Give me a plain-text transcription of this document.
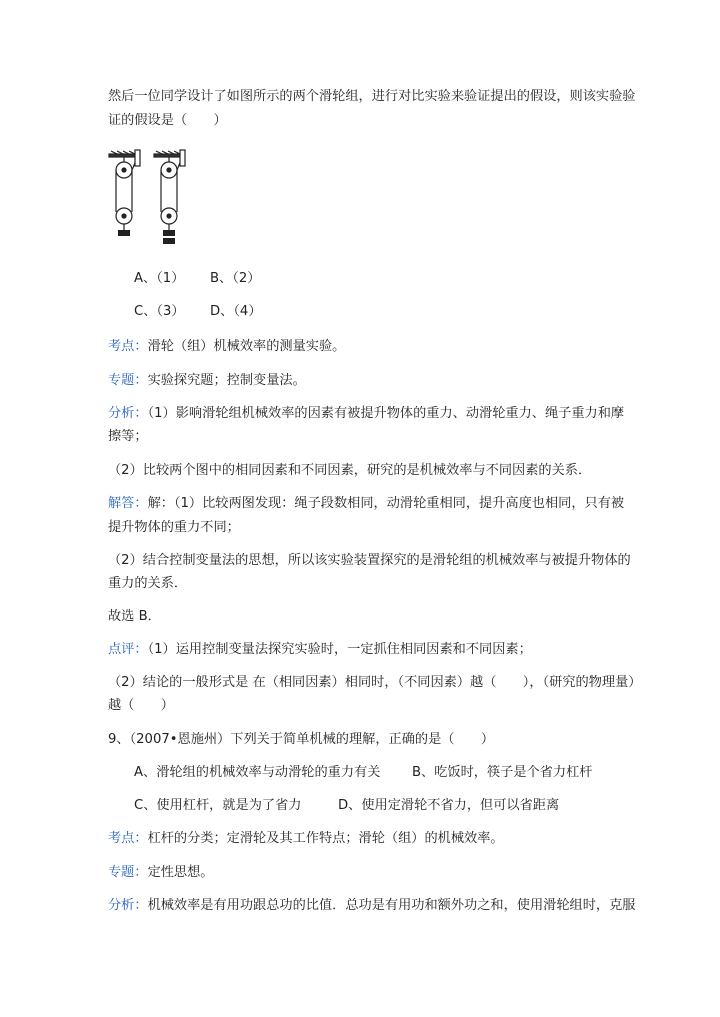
然后一位同学设计了如图所示的两个滑轮组，进行对比实验来验证提出的假设，则该实验验
证的假设是（　　）
A、（1） B、（2）
C、（3） D、（4）
考点：滑轮（组）机械效率的测量实验。
专题：实验探究题；控制变量法。
分析：（1）影响滑轮组机械效率的因素有被提升物体的重力、动滑轮重力、绳子重力和摩
擦等；
（2）比较两个图中的相同因素和不同因素，研究的是机械效率与不同因素的关系．
解答：解：（1）比较两图发现：绳子段数相同，动滑轮重相同，提升高度也相同，只有被
提升物体的重力不同；
（2）结合控制变量法的思想，所以该实验装置探究的是滑轮组的机械效率与被提升物体的
重力的关系．
故选 B．
点评：（1）运用控制变量法探究实验时，一定抓住相同因素和不同因素；
（2）结论的一般形式是 在（相同因素）相同时，（不同因素）越（　　），（研究的物理量）
越（　　）
9、（2007•恩施州）下列关于简单机械的理解，正确的是（　　）
A、滑轮组的机械效率与动滑轮的重力有关 B、吃饭时，筷子是个省力杠杆
C、使用杠杆，就是为了省力	D、使用定滑轮不省力，但可以省距离
考点：杠杆的分类；定滑轮及其工作特点；滑轮（组）的机械效率。
专题：定性思想。
分析：机械效率是有用功跟总功的比值．总功是有用功和额外功之和，使用滑轮组时，克服
